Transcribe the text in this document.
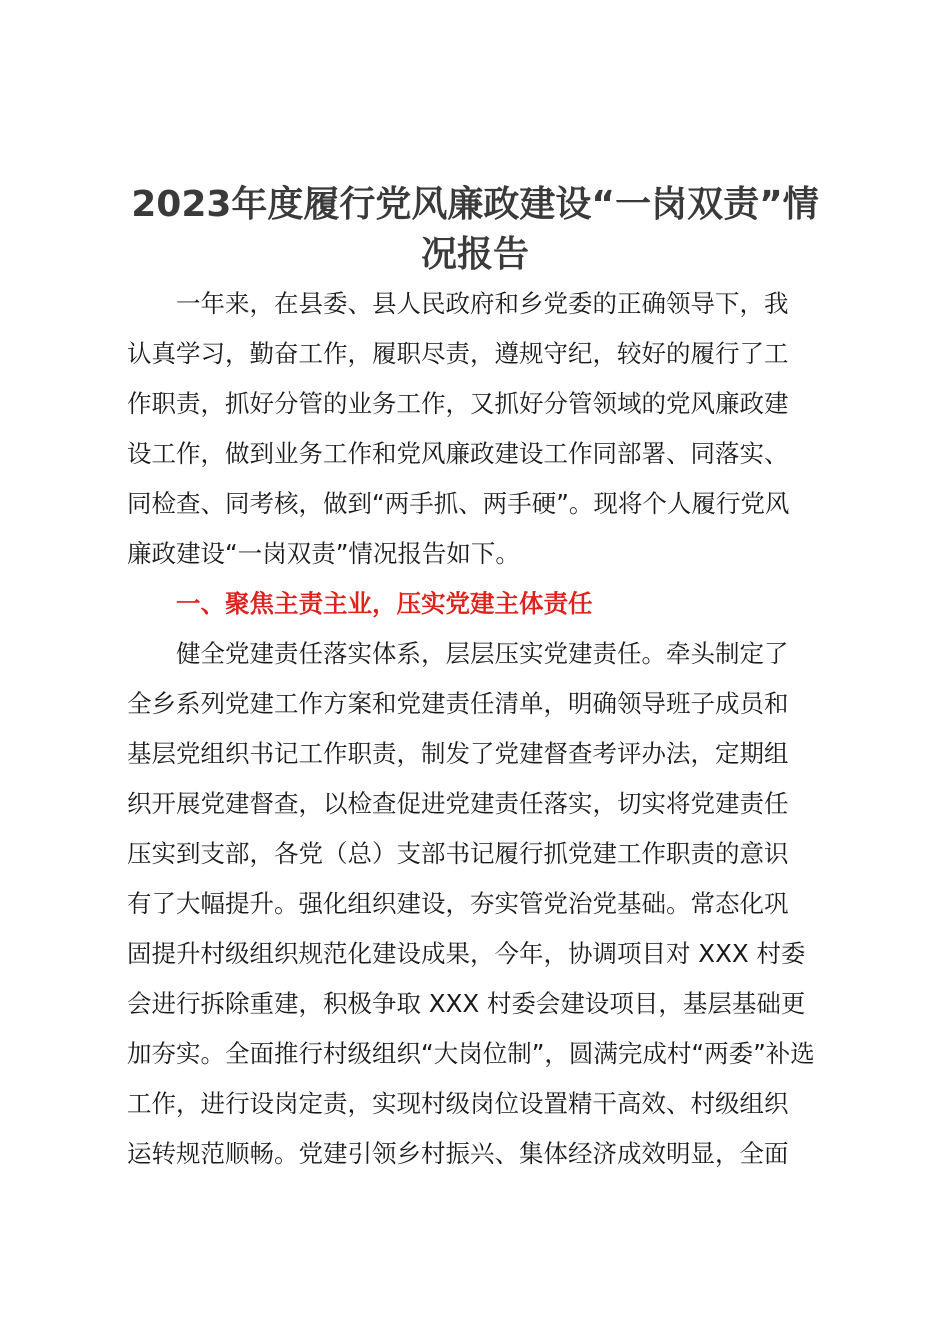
2023年度履行党风廉政建设“一岗双责”情
况报告
　　一年来，在县委、县人民政府和乡党委的正确领导下，我
认真学习，勤奋工作，履职尽责，遵规守纪，较好的履行了工
作职责，抓好分管的业务工作，又抓好分管领域的党风廉政建
设工作，做到业务工作和党风廉政建设工作同部署、同落实、
同检查、同考核，做到“两手抓、两手硬”。现将个人履行党风
廉政建设“一岗双责”情况报告如下。
　　一、聚焦主责主业，压实党建主体责任
　　健全党建责任落实体系，层层压实党建责任。牵头制定了
全乡系列党建工作方案和党建责任清单，明确领导班子成员和
基层党组织书记工作职责，制发了党建督查考评办法，定期组
织开展党建督查，以检查促进党建责任落实，切实将党建责任
压实到支部，各党（总）支部书记履行抓党建工作职责的意识
有了大幅提升。强化组织建设，夯实管党治党基础。常态化巩
固提升村级组织规范化建设成果，今年，协调项目对 XXX 村委
会进行拆除重建，积极争取 XXX 村委会建设项目，基层基础更
加夯实。全面推行村级组织“大岗位制”，圆满完成村“两委”补选
工作，进行设岗定责，实现村级岗位设置精干高效、村级组织
运转规范顺畅。党建引领乡村振兴、集体经济成效明显，全面
